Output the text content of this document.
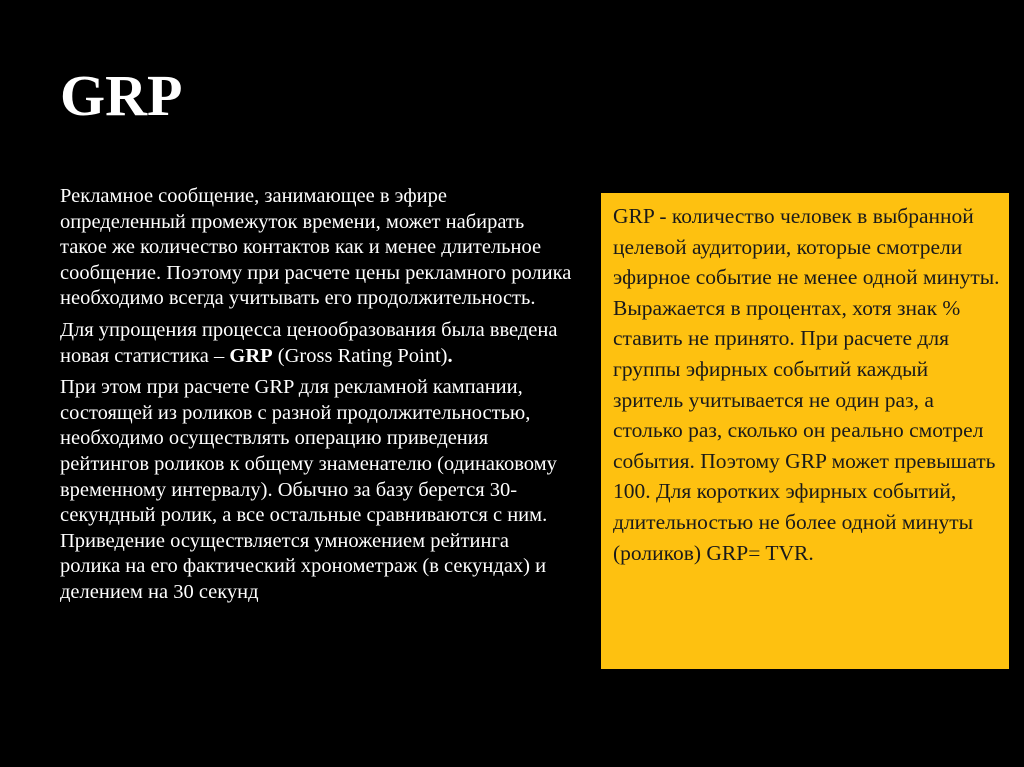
GRP

Рекламное сообщение, занимающее в эфире определенный промежуток времени, может набирать такое же количество контактов как и менее длительное сообщение. Поэтому при расчете цены рекламного ролика необходимо всегда учитывать его продолжительность.

Для упрощения процесса ценообразования была введена новая статистика – GRP (Gross Rating Point).

При этом при расчете GRP для рекламной кампании, состоящей из роликов с разной продолжительностью, необходимо осуществлять операцию приведения рейтингов роликов к общему знаменателю (одинаковому временному интервалу). Обычно за базу берется 30-секундный ролик, а все остальные сравниваются с ним. Приведение осуществляется умножением рейтинга ролика на его фактический хронометраж (в секундах) и делением на 30 секунд

GRP - количество человек в выбранной целевой аудитории, которые смотрели эфирное событие не менее одной минуты. Выражается в процентах, хотя знак % ставить не принято. При расчете для группы эфирных событий каждый зритель учитывается не один раз, а столько раз, сколько он реально смотрел события. Поэтому GRP может превышать 100. Для коротких эфирных событий, длительностью не более одной минуты (роликов) GRP= TVR.
